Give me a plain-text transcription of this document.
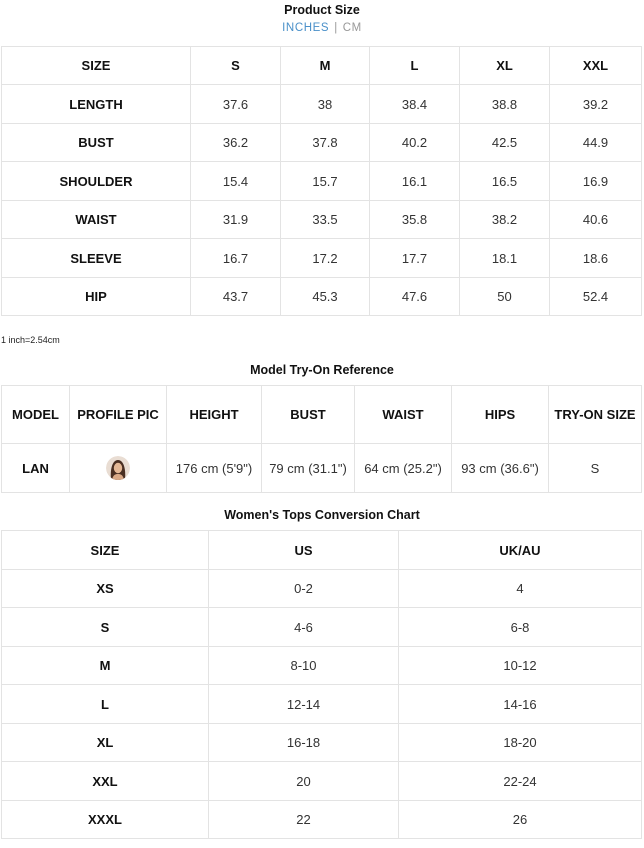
Product Size
INCHES | CM
SIZE	S	M	L	XL	XXL
LENGTH	37.6	38	38.4	38.8	39.2
BUST	36.2	37.8	40.2	42.5	44.9
SHOULDER	15.4	15.7	16.1	16.5	16.9
WAIST	31.9	33.5	35.8	38.2	40.6
SLEEVE	16.7	17.2	17.7	18.1	18.6
HIP	43.7	45.3	47.6	50	52.4
1 inch=2.54cm
Model Try-On Reference
MODEL	PROFILE PIC	HEIGHT	BUST	WAIST	HIPS	TRY-ON SIZE
LAN		176 cm (5'9")	79 cm (31.1")	64 cm (25.2")	93 cm (36.6")	S
Women's Tops Conversion Chart
SIZE	US	UK/AU
XS	0-2	4
S	4-6	6-8
M	8-10	10-12
L	12-14	14-16
XL	16-18	18-20
XXL	20	22-24
XXXL	22	26
